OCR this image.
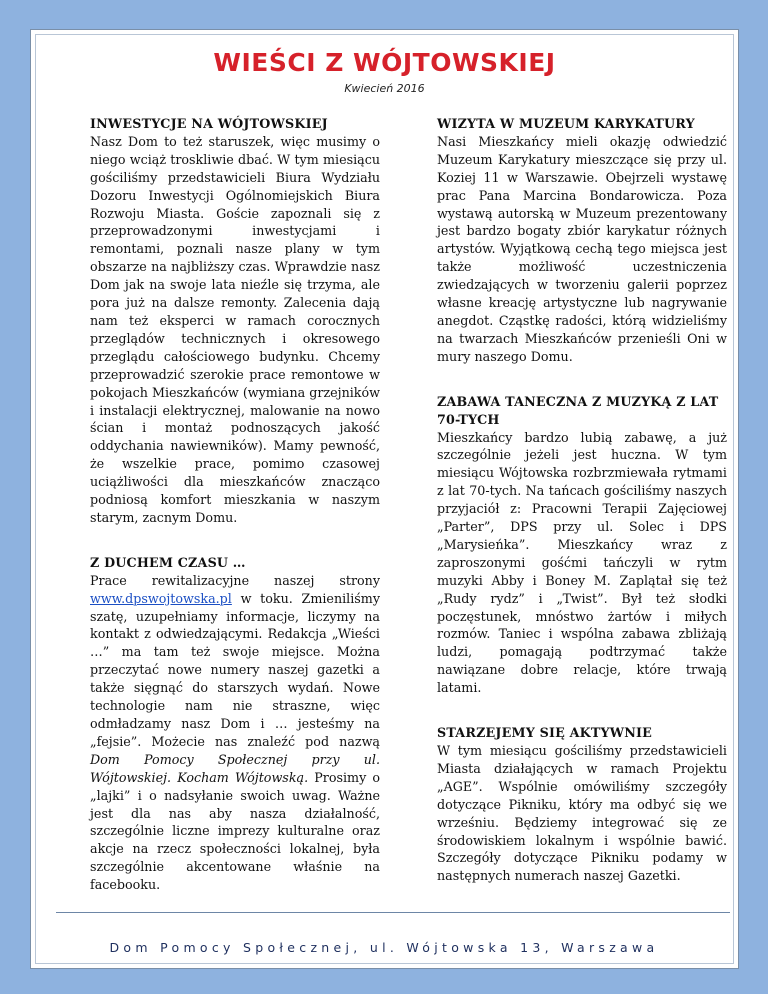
WIEŚCI Z WÓJTOWSKIEJ
Kwiecień 2016
INWESTYCJE NA WÓJTOWSKIEJ

Nasz Dom to też staruszek, więc musimy o niego wciąż troskliwie dbać. W tym miesiącu gościliśmy przedstawicieli Biura Wydziału Dozoru Inwestycji Ogólnomiejskich Biura Rozwoju Miasta. Goście zapoznali się z przeprowadzonymi inwestycjami i remontami, poznali nasze plany w tym obszarze na najbliższy czas. Wprawdzie nasz Dom jak na swoje lata nieźle się trzyma, ale pora już na dalsze remonty. Zalecenia dają nam też eksperci w ramach corocznych przeglądów technicznych i okresowego przeglądu całościowego budynku. Chcemy przeprowadzić szerokie prace remontowe w pokojach Mieszkańców (wymiana grzejników i instalacji elektrycznej, malowanie na nowo ścian i montaż podnoszących jakość oddychania nawiewników). Mamy pewność, że wszelkie prace, pomimo czasowej uciążliwości dla mieszkańców znacząco podniosą komfort mieszkania w naszym starym, zacnym Domu.

Z DUCHEM CZASU …

Prace rewitalizacyjne naszej strony www.dpswojtowska.pl w toku. Zmieniliśmy szatę, uzupełniamy informacje, liczymy na kontakt z odwiedzającymi. Redakcja „Wieści …” ma tam też swoje miejsce. Można przeczytać nowe numery naszej gazetki a także sięgnąć do starszych wydań. Nowe technologie nam nie straszne, więc odmładzamy nasz Dom i … jesteśmy na „fejsie”. Możecie nas znaleźć pod nazwą Dom Pomocy Społecznej przy ul. Wójtowskiej. Kocham Wójtowską. Prosimy o „lajki” i o nadsyłanie swoich uwag. Ważne jest dla nas aby nasza działalność, szczególnie liczne imprezy kulturalne oraz akcje na rzecz społeczności lokalnej, była szczególnie akcentowane właśnie na facebooku.

WIZYTA W MUZEUM KARYKATURY

Nasi Mieszkańcy mieli okazję odwiedzić Muzeum Karykatury mieszczące się przy ul. Koziej 11 w Warszawie. Obejrzeli wystawę prac Pana Marcina Bondarowicza. Poza wystawą autorską w Muzeum prezentowany jest bardzo bogaty zbiór karykatur różnych artystów. Wyjątkową cechą tego miejsca jest także możliwość uczestniczenia zwiedzających w tworzeniu galerii poprzez własne kreację artystyczne lub nagrywanie anegdot. Cząstkę radości, którą widzieliśmy na twarzach Mieszkańców przenieśli Oni w mury naszego Domu.

ZABAWA TANECZNA Z MUZYKĄ Z LAT 70-TYCH

Mieszkańcy bardzo lubią zabawę, a już szczególnie jeżeli jest huczna. W tym miesiącu Wójtowska rozbrzmiewała rytmami z lat 70-tych. Na tańcach gościliśmy naszych przyjaciół z: Pracowni Terapii Zajęciowej „Parter”, DPS przy ul. Solec i DPS „Marysieńka”. Mieszkańcy wraz z zaproszonymi gośćmi tańczyli w rytm muzyki Abby i Boney M. Zaplątał się też „Rudy rydz” i „Twist”. Był też słodki poczęstunek, mnóstwo żartów i miłych rozmów. Taniec i wspólna zabawa zbliżają ludzi, pomagają podtrzymać także nawiązane dobre relacje, które trwają latami.

STARZEJEMY SIĘ AKTYWNIE

W tym miesiącu gościliśmy przedstawicieli Miasta działających w ramach Projektu „AGE”. Wspólnie omówiliśmy szczegóły dotyczące Pikniku, który ma odbyć się we wrześniu. Będziemy integrować się ze środowiskiem lokalnym i wspólnie bawić. Szczegóły dotyczące Pikniku podamy w następnych numerach naszej Gazetki.

Dom Pomocy Społecznej, ul. Wójtowska 13, Warszawa
